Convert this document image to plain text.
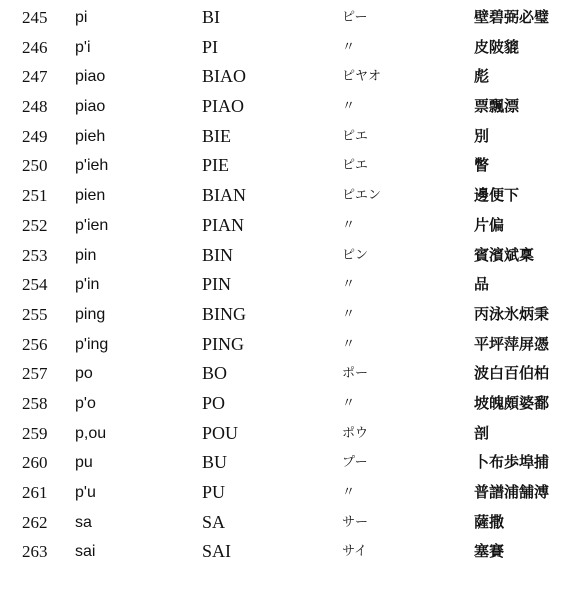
245	pi	BI	ピー	壁碧弼必璧
246	p'i	PI	〃	皮陂貔
247	piao	BIAO	ピヤオ	彪
248	piao	PIAO	〃	票飄漂
249	pieh	BIE	ピエ	別
250	p'ieh	PIE	ピエ	瞥
251	pien	BIAN	ピエン	邊便下
252	p'ien	PIAN	〃	片偏
253	pin	BIN	ピン	賓濱斌稟
254	p'in	PIN	〃	品
255	ping	BING	〃	丙泳氷炳秉
256	p'ing	PING	〃	平坪萍屏憑
257	po	BO	ポー	波白百伯柏
258	p'o	PO	〃	坡魄頗婆鄱
259	p,ou	POU	ポウ	剖
260	pu	BU	プー	卜布歩埠捕
261	p'u	PU	〃	普譜浦舗溥
262	sa	SA	サー	薩撒
263	sai	SAI	サイ	塞賽
